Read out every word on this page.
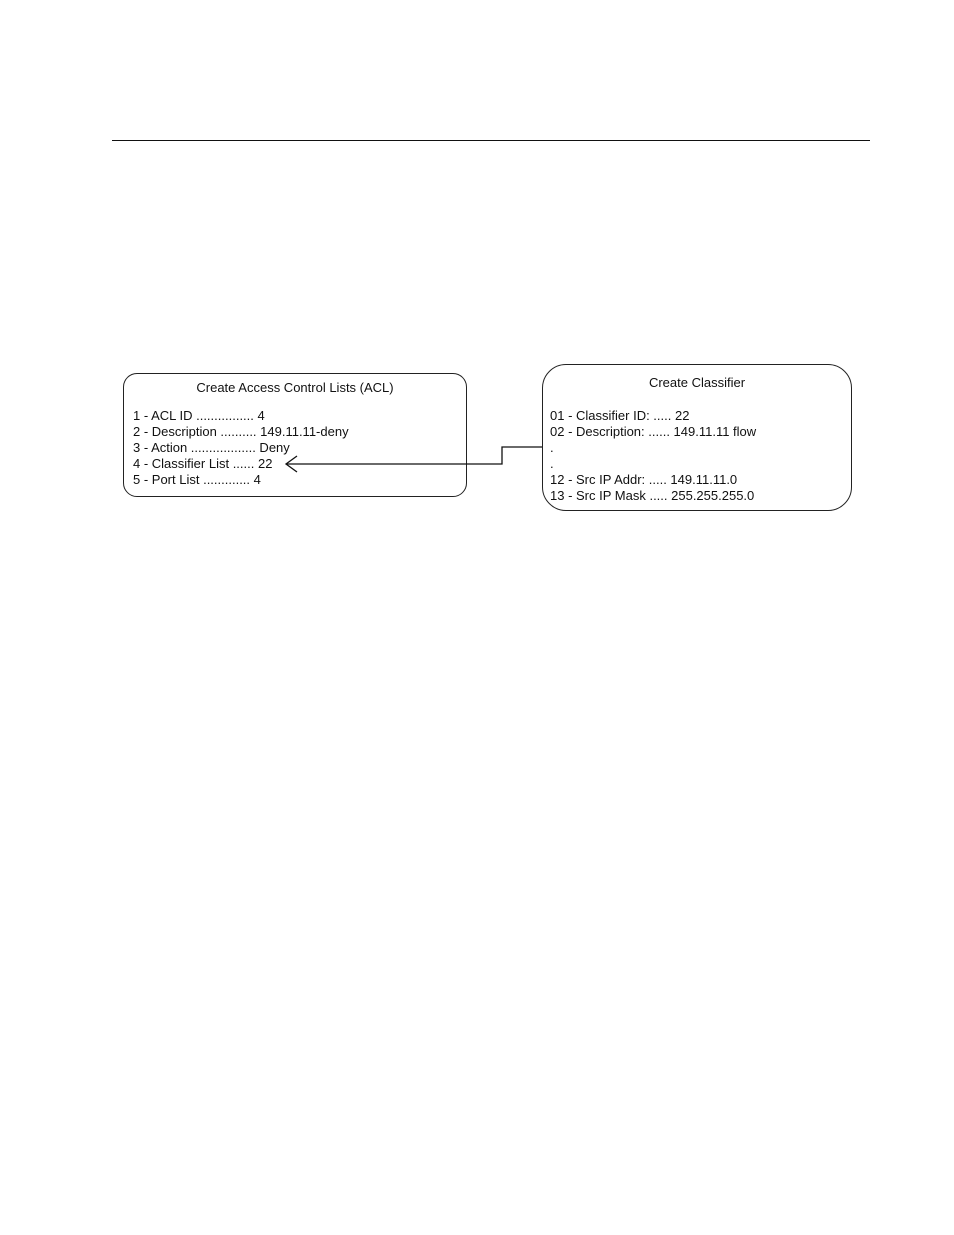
Create Access Control Lists (ACL)
1 - ACL ID ................ 4
2 - Description .......... 149.11.11-deny
3 - Action .................. Deny
4 - Classifier List ...... 22
5 - Port List ............. 4
Create Classifier
01 - Classifier ID: ..... 22
02 - Description: ...... 149.11.11 flow
.
.
12 - Src IP Addr: ..... 149.11.11.0
13 - Src IP Mask ..... 255.255.255.0
